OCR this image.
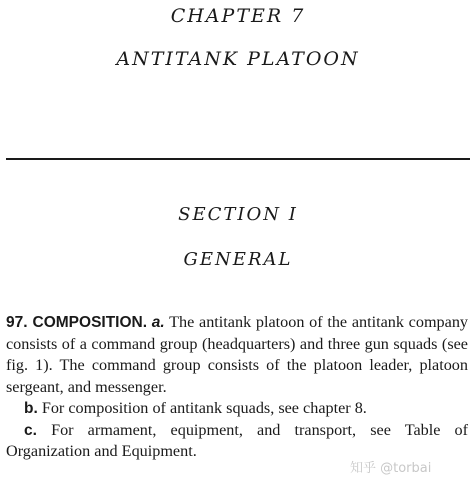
CHAPTER 7
ANTITANK PLATOON
SECTION I
GENERAL

97. COMPOSITION. a. The antitank platoon of the antitank company consists of a command group (headquarters) and three gun squads (see fig. 1). The command group consists of the platoon leader, platoon sergeant, and messenger.

b. For composition of antitank squads, see chapter 8.

c. For armament, equipment, and transport, see Table of Organization and Equipment.

知乎 @torbai
